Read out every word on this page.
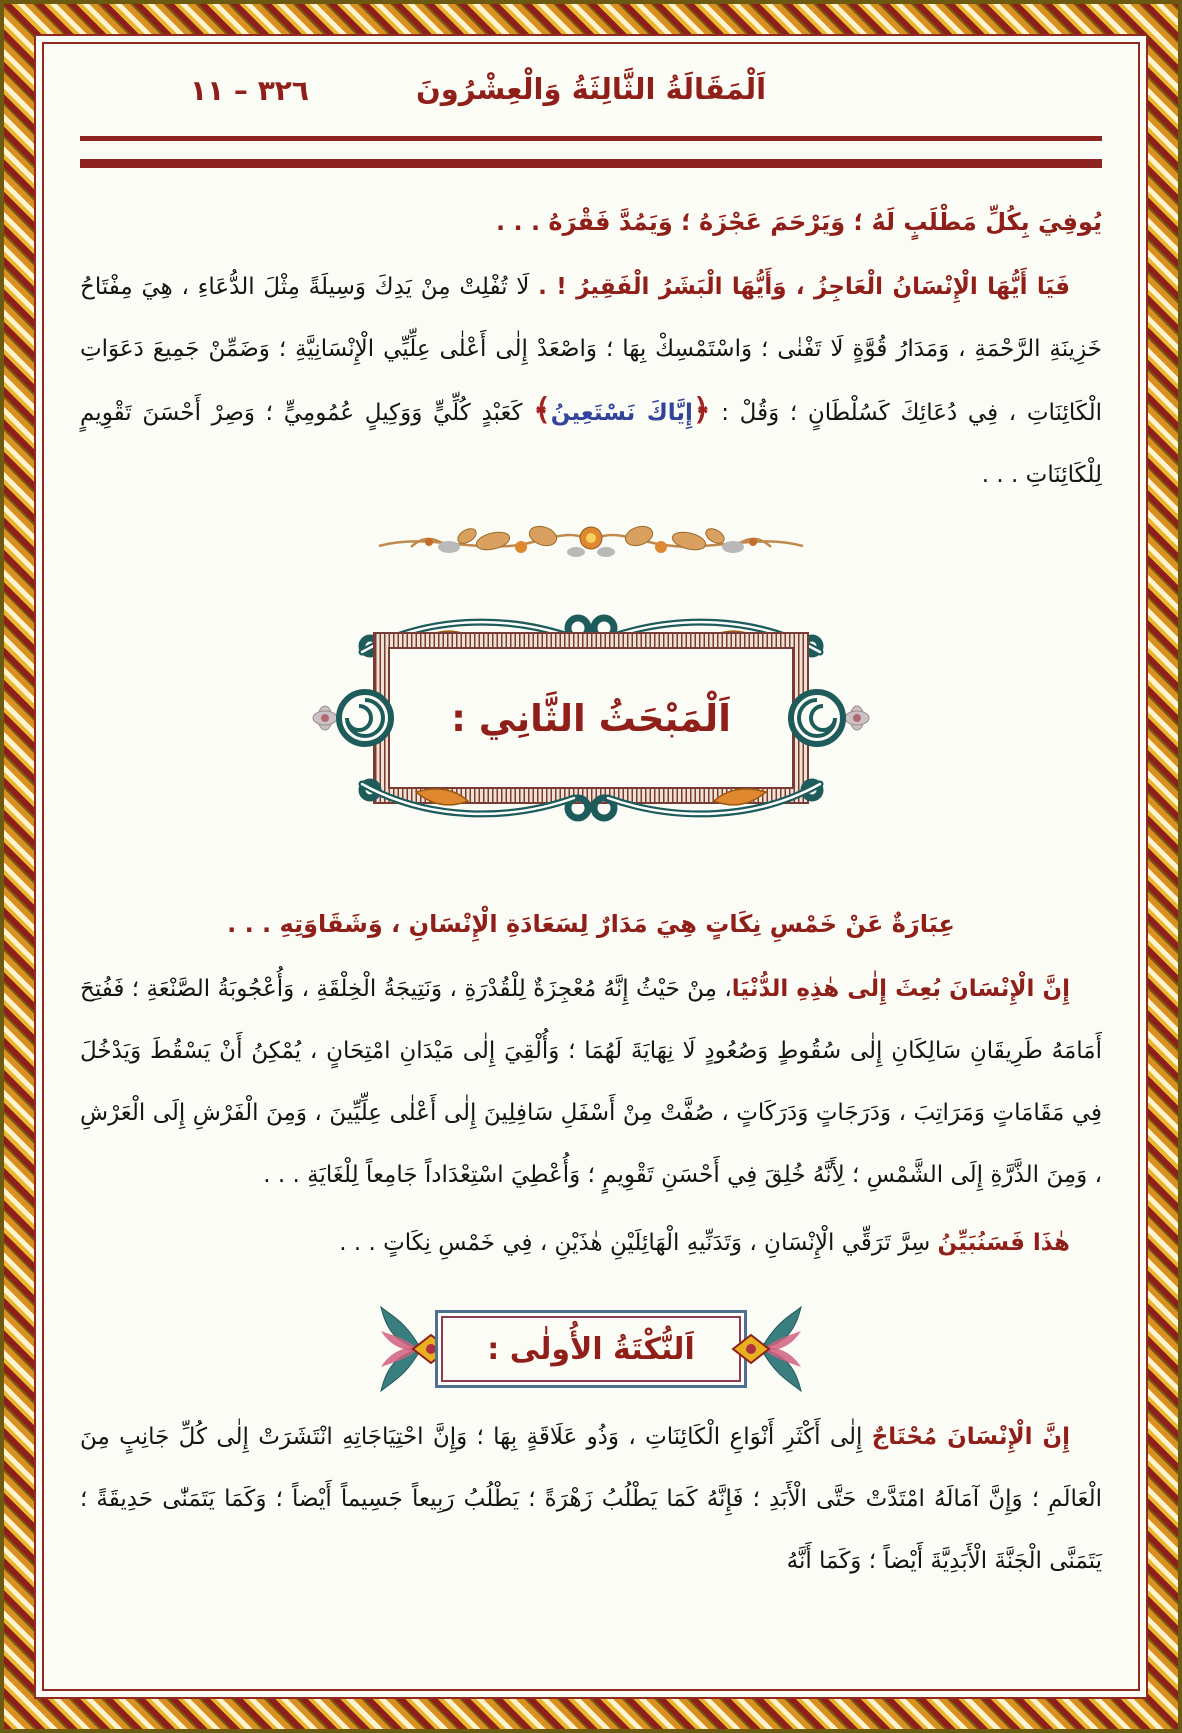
اَلْمَقَالَةُ الثَّالِثَةُ وَالْعِشْرُونَ
٣٢٦ – ١١

يُوفِيَ بِكُلِّ مَطْلَبٍ لَهُ ؛ وَيَرْحَمَ عَجْزَهُ ؛ وَيَمُدَّ فَقْرَهُ . . .

فَيَا أَيُّهَا الْإِنْسَانُ الْعَاجِزُ ، وَأَيُّهَا الْبَشَرُ الْفَقِيرُ ! . لَا تُفْلِتْ مِنْ يَدِكَ وَسِيلَةً مِثْلَ الدُّعَاءِ ، هِيَ مِفْتَاحُ خَزِينَةِ الرَّحْمَةِ ، وَمَدَارُ قُوَّةٍ لَا تَفْنٰى ؛ وَاسْتَمْسِكْ بِهَا ؛ وَاصْعَدْ إِلٰى أَعْلٰى عِلِّيِّي الْإِنْسَانِيَّةِ ؛ وَضَمِّنْ جَمِيعَ دَعَوَاتِ الْكَائِنَاتِ ، فِي دُعَائِكَ كَسُلْطَانٍ ؛ وَقُلْ : ﴿إِيَّاكَ نَسْتَعِينُ﴾ كَعَبْدٍ كُلِّيٍّ وَوَكِيلٍ عُمُومِيٍّ ؛ وَصِرْ أَحْسَنَ تَقْوِيمٍ لِلْكَائِنَاتِ . . .

اَلْمَبْحَثُ الثَّانِي :

عِبَارَةٌ عَنْ خَمْسِ نِكَاتٍ هِيَ مَدَارٌ لِسَعَادَةِ الْإِنْسَانِ ، وَشَقَاوَتِهِ . . .

إِنَّ الْإِنْسَانَ بُعِثَ إِلٰى هٰذِهِ الدُّنْيَا، مِنْ حَيْثُ إِنَّهُ مُعْجِزَةٌ لِلْقُدْرَةِ ، وَنَتِيجَةُ الْخِلْقَةِ ، وَأُعْجُوبَةُ الصَّنْعَةِ ؛ فَفُتِحَ أَمَامَهُ طَرِيقَانِ سَالِكَانِ إِلٰى سُقُوطٍ وَصُعُودٍ لَا نِهَايَةَ لَهُمَا ؛ وَأُلْقِيَ إِلٰى مَيْدَانِ امْتِحَانٍ ، يُمْكِنُ أَنْ يَسْقُطَ وَيَدْخُلَ فِي مَقَامَاتٍ وَمَرَاتِبَ ، وَدَرَجَاتٍ وَدَرَكَاتٍ ، صُفَّتْ مِنْ أَسْفَلِ سَافِلِينَ إِلٰى أَعْلٰى عِلِّيِّينَ ، وَمِنَ الْفَرْشِ إِلَى الْعَرْشِ ، وَمِنَ الذَّرَّةِ إِلَى الشَّمْسِ ؛ لِأَنَّهُ خُلِقَ فِي أَحْسَنِ تَقْوِيمٍ ؛ وَأُعْطِيَ اسْتِعْدَاداً جَامِعاً لِلْغَايَةِ . . .

هٰذَا فَسَنُبَيِّنُ سِرَّ تَرَقِّي الْإِنْسَانِ ، وَتَدَنِّيهِ الْهَائِلَيْنِ هٰذَيْنِ ، فِي خَمْسِ نِكَاتٍ . . .

اَلنُّكْتَةُ الأُولٰى :

إِنَّ الْإِنْسَانَ مُحْتَاجٌ إِلٰى أَكْثَرِ أَنْوَاعِ الْكَائِنَاتِ ، وَذُو عَلَاقَةٍ بِهَا ؛ وَإِنَّ احْتِيَاجَاتِهِ انْتَشَرَتْ إِلٰى كُلِّ جَانِبٍ مِنَ الْعَالَمِ ؛ وَإِنَّ آمَالَهُ امْتَدَّتْ حَتَّى الْأَبَدِ ؛ فَإِنَّهُ كَمَا يَطْلُبُ زَهْرَةً ؛ يَطْلُبُ رَبِيعاً جَسِيماً أَيْضاً ؛ وَكَمَا يَتَمَنّٰى حَدِيقَةً ؛ يَتَمَنَّى الْجَنَّةَ الْأَبَدِيَّةَ أَيْضاً ؛ وَكَمَا أَنَّهُ
